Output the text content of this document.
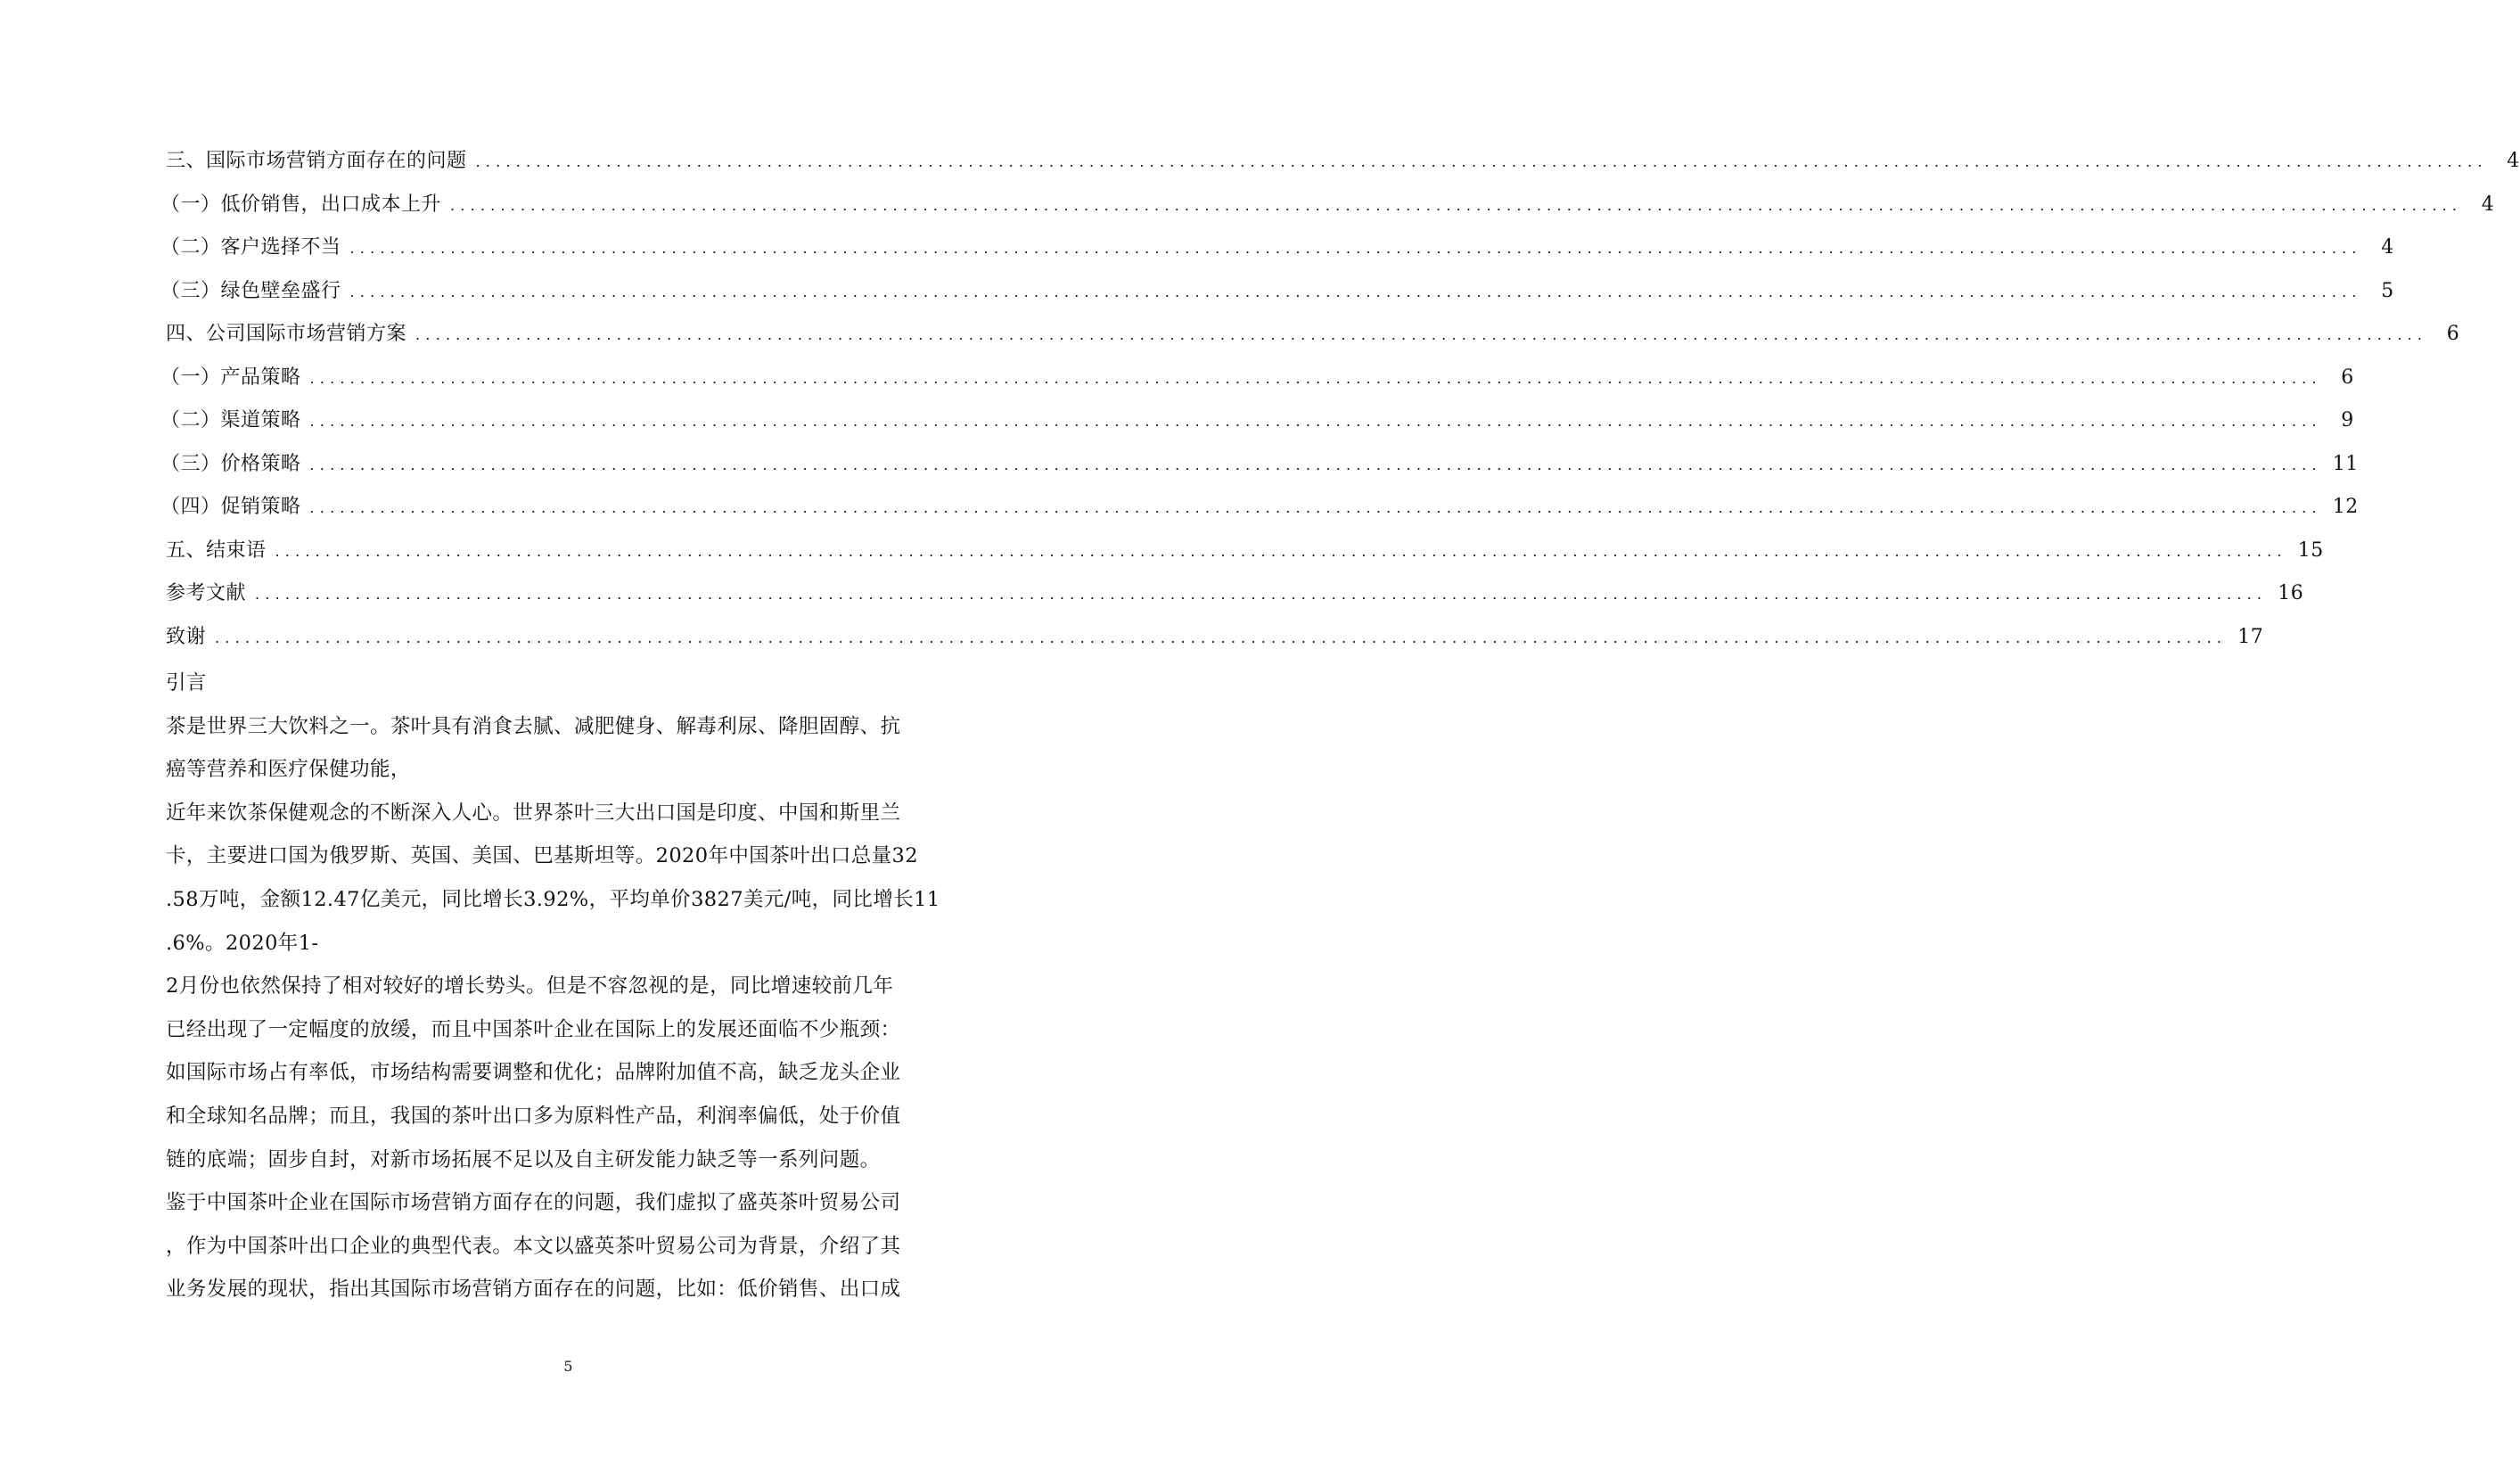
三、国际市场营销方面存在的问题 ........................................................................................................................................................................................................ 4
（一）低价销售，出口成本上升 ........................................................................................................................................................................................................ 4
（二）客户选择不当 ........................................................................................................................................................................................................ 4
（三）绿色壁垒盛行 ........................................................................................................................................................................................................ 5
四、公司国际市场营销方案 ........................................................................................................................................................................................................ 6
（一）产品策略 ........................................................................................................................................................................................................ 6
（二）渠道策略 ........................................................................................................................................................................................................ 9
（三）价格策略 ........................................................................................................................................................................................................ 11
（四）促销策略 ........................................................................................................................................................................................................ 12
五、结束语 ........................................................................................................................................................................................................ 15
参考文献 ........................................................................................................................................................................................................ 16
致谢 ........................................................................................................................................................................................................ 17
引言
茶是世界三大饮料之一。茶叶具有消食去腻、减肥健身、解毒利尿、降胆固醇、抗
癌等营养和医疗保健功能，
近年来饮茶保健观念的不断深入人心。世界茶叶三大出口国是印度、中国和斯里兰
卡，主要进口国为俄罗斯、英国、美国、巴基斯坦等。2020年中国茶叶出口总量32
.58万吨，金额12.47亿美元，同比增长3.92%，平均单价3827美元/吨，同比增长11
.6%。2020年1-
2月份也依然保持了相对较好的增长势头。但是不容忽视的是，同比增速较前几年
已经出现了一定幅度的放缓，而且中国茶叶企业在国际上的发展还面临不少瓶颈：
如国际市场占有率低，市场结构需要调整和优化；品牌附加值不高，缺乏龙头企业
和全球知名品牌；而且，我国的茶叶出口多为原料性产品，利润率偏低，处于价值
链的底端；固步自封，对新市场拓展不足以及自主研发能力缺乏等一系列问题。
鉴于中国茶叶企业在国际市场营销方面存在的问题，我们虚拟了盛英茶叶贸易公司
，作为中国茶叶出口企业的典型代表。本文以盛英茶叶贸易公司为背景，介绍了其
业务发展的现状，指出其国际市场营销方面存在的问题，比如：低价销售、出口成
5
